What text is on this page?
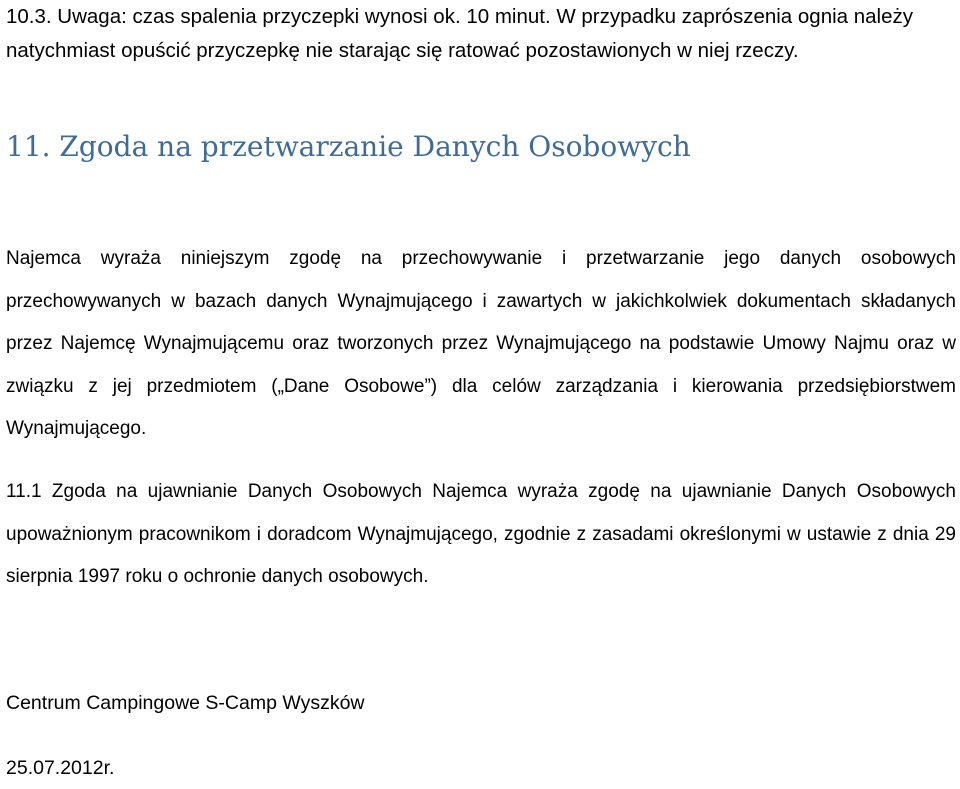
10.3. Uwaga: czas spalenia przyczepki wynosi ok. 10 minut. W przypadku zaprószenia ognia należy
natychmiast opuścić przyczepkę nie starając się ratować pozostawionych w niej rzeczy.

11. Zgoda na przetwarzanie Danych Osobowych

Najemca wyraża niniejszym zgodę na przechowywanie i przetwarzanie jego danych osobowych przechowywanych w bazach danych Wynajmującego i zawartych w jakichkolwiek dokumentach składanych przez Najemcę Wynajmującemu oraz tworzonych przez Wynajmującego na podstawie Umowy Najmu oraz w związku z jej przedmiotem („Dane Osobowe”) dla celów zarządzania i kierowania przedsiębiorstwem Wynajmującego.

11.1 Zgoda na ujawnianie Danych Osobowych Najemca wyraża zgodę na ujawnianie Danych Osobowych upoważnionym pracownikom i doradcom Wynajmującego, zgodnie z zasadami określonymi w ustawie z dnia 29 sierpnia 1997 roku o ochronie danych osobowych.

Centrum Campingowe S-Camp Wyszków

25.07.2012r.
